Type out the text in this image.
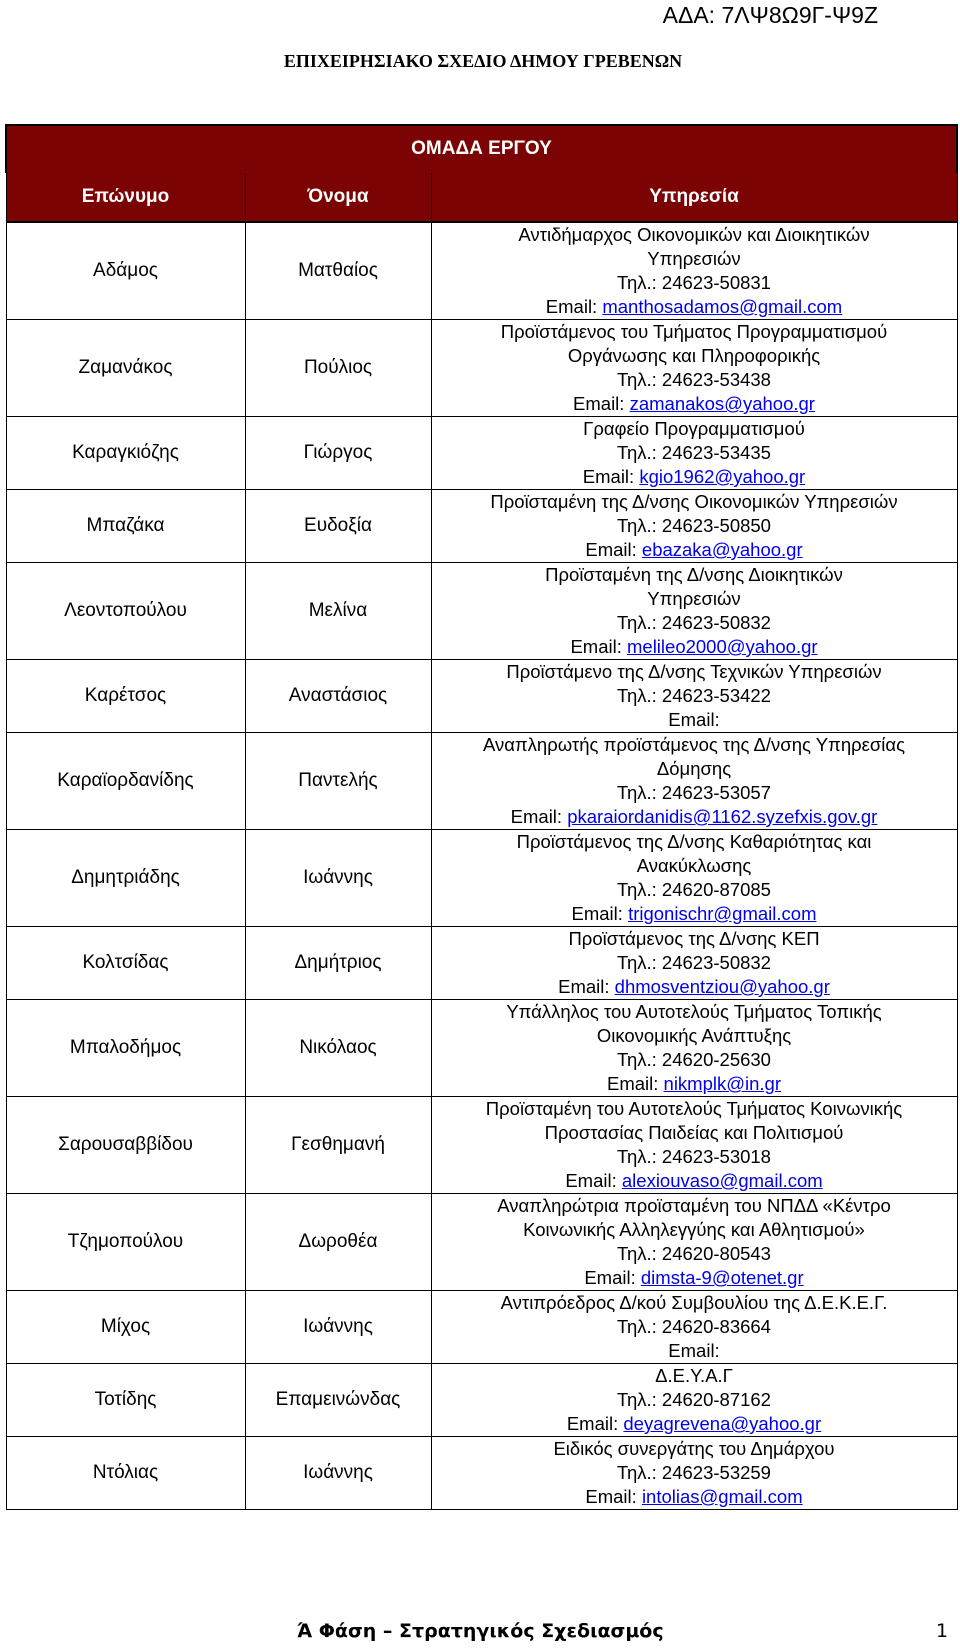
ΑΔΑ: 7ΛΨ8Ω9Γ-Ψ9Ζ
ΕΠΙΧΕΙΡΗΣΙΑΚΟ ΣΧΕΔΙΟ ΔΗΜΟΥ ΓΡΕΒΕΝΩΝ
ΟΜΑΔΑ ΕΡΓΟΥ		
Επώνυμο	Όνομα	Υπηρεσία
Αδάμος	Ματθαίος	Αντιδήμαρχος Οικονομικών και Διοικητικών
Υπηρεσιών
Τηλ.: 24623-50831
Email: manthosadamos@gmail.com

Ζαμανάκος	Πούλιος	Προϊστάμενος του Τμήματος Προγραμματισμού
Οργάνωσης και Πληροφορικής
Τηλ.: 24623-53438
Email: zamanakos@yahoo.gr

Καραγκιόζης	Γιώργος	Γραφείο Προγραμματισμού
Τηλ.: 24623-53435
Email: kgio1962@yahoo.gr

Μπαζάκα	Ευδοξία	Προϊσταμένη της Δ/νσης Οικονομικών Υπηρεσιών
Τηλ.: 24623-50850
Email: ebazaka@yahoo.gr

Λεοντοπούλου	Μελίνα	Προϊσταμένη της Δ/νσης Διοικητικών
Υπηρεσιών
Τηλ.: 24623-50832
Email: melileo2000@yahoo.gr

Καρέτσος	Αναστάσιος	Προϊστάμενο της Δ/νσης Τεχνικών Υπηρεσιών
Τηλ.: 24623-53422
Email:

Καραϊορδανίδης	Παντελής	Αναπληρωτής προϊστάμενος της Δ/νσης Υπηρεσίας
Δόμησης
Τηλ.: 24623-53057
Email: pkaraiordanidis@1162.syzefxis.gov.gr

Δημητριάδης	Ιωάννης	Προϊστάμενος της Δ/νσης Καθαριότητας και
Ανακύκλωσης
Τηλ.: 24620-87085
Email: trigonischr@gmail.com

Κολτσίδας	Δημήτριος	Προϊστάμενος της Δ/νσης ΚΕΠ
Τηλ.: 24623-50832
Email: dhmosventziou@yahoo.gr

Μπαλοδήμος	Νικόλαος	Υπάλληλος του Αυτοτελούς Τμήματος Τοπικής
Οικονομικής Ανάπτυξης
Τηλ.: 24620-25630
Email: nikmplk@in.gr

Σαρουσαββίδου	Γεσθημανή	Προϊσταμένη του Αυτοτελούς Τμήματος Κοινωνικής
Προστασίας Παιδείας και Πολιτισμού
Τηλ.: 24623-53018
Email: alexiouvaso@gmail.com

Τζημοπούλου	Δωροθέα	Αναπληρώτρια προϊσταμένη του ΝΠΔΔ «Κέντρο
Κοινωνικής Αλληλεγγύης και Αθλητισμού»
Τηλ.: 24620-80543
Email: dimsta-9@otenet.gr

Μίχος	Ιωάννης	Αντιπρόεδρος Δ/κού Συμβουλίου της Δ.Ε.Κ.Ε.Γ.
Τηλ.: 24620-83664
Email:

Τοτίδης	Επαμεινώνδας	Δ.Ε.Υ.Α.Γ
Τηλ.: 24620-87162
Email: deyagrevena@yahoo.gr

Ντόλιας	Ιωάννης	Ειδικός συνεργάτης του Δημάρχου
Τηλ.: 24623-53259
Email: intolias@gmail.com
Ά Φάση – Στρατηγικός Σχεδιασμός	1
